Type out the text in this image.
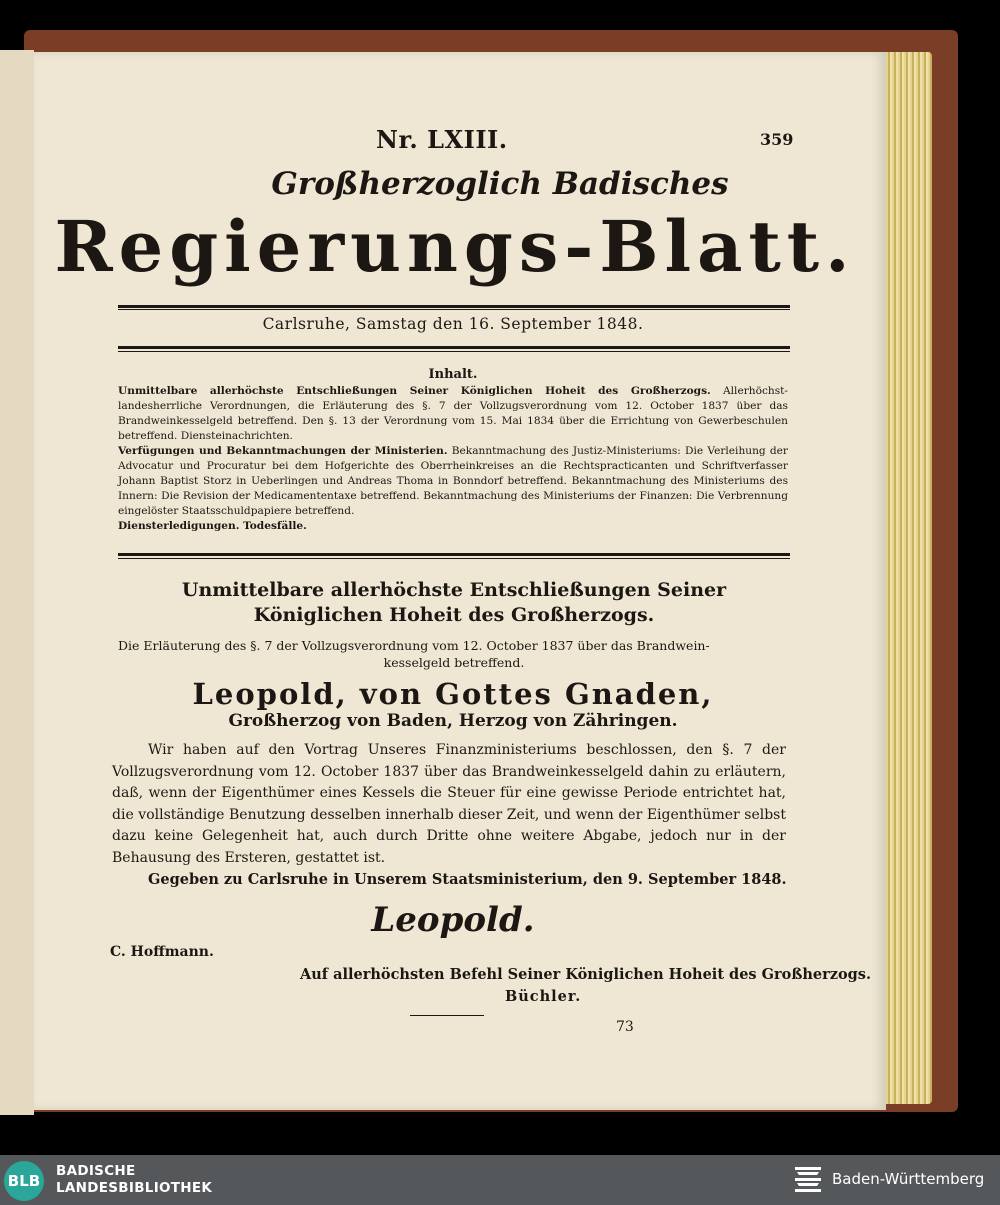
Nr. LXIII.	359
Großherzoglich Badisches
Regierungs-Blatt.
Carlsruhe, Samstag den 16. September 1848.
Inhalt.

Unmittelbare allerhöchste Entschließungen Seiner Königlichen Hoheit des Großherzogs. Allerhöchst-landesherrliche Verordnungen, die Erläuterung des §. 7 der Vollzugsverordnung vom 12. October 1837 über das Brandweinkesselgeld betreffend. Den §. 13 der Verordnung vom 15. Mai 1834 über die Errichtung von Gewerbeschulen betreffend. Diensteinachrichten.

Verfügungen und Bekanntmachungen der Ministerien. Bekanntmachung des Justiz-Ministeriums: Die Verleihung der Advocatur und Procuratur bei dem Hofgerichte des Oberrheinkreises an die Rechtspracticanten und Schriftverfasser Johann Baptist Storz in Ueberlingen und Andreas Thoma in Bonndorf betreffend. Bekanntmachung des Ministeriums des Innern: Die Revision der Medicamententaxe betreffend. Bekanntmachung des Ministeriums der Finanzen: Die Verbrennung eingelöster Staatsschuldpapiere betreffend.

Diensterledigungen. Todesfälle.

Unmittelbare allerhöchste Entschließungen Seiner Königlichen Hoheit des Großherzogs.
Die Erläuterung des §. 7 der Vollzugsverordnung vom 12. October 1837 über das Brandwein-
kesselgeld betreffend.
Leopold, von Gottes Gnaden,
Großherzog von Baden, Herzog von Zähringen.

Wir haben auf den Vortrag Unseres Finanzministeriums beschlossen, den §. 7 der Vollzugsverordnung vom 12. October 1837 über das Brandweinkesselgeld dahin zu erläutern, daß, wenn der Eigenthümer eines Kessels die Steuer für eine gewisse Periode entrichtet hat, die vollständige Benutzung desselben innerhalb dieser Zeit, und wenn der Eigenthümer selbst dazu keine Gelegenheit hat, auch durch Dritte ohne weitere Abgabe, jedoch nur in der Behausung des Ersteren, gestattet ist.

Gegeben zu Carlsruhe in Unserem Staatsministerium, den 9. September 1848.
Leopold.
C. Hoffmann.
Auf allerhöchsten Befehl Seiner Königlichen Hoheit des Großherzogs.
Büchler.
73
BLB
BADISCHE
LANDESBIBLIOTHEK	Baden-Württemberg
